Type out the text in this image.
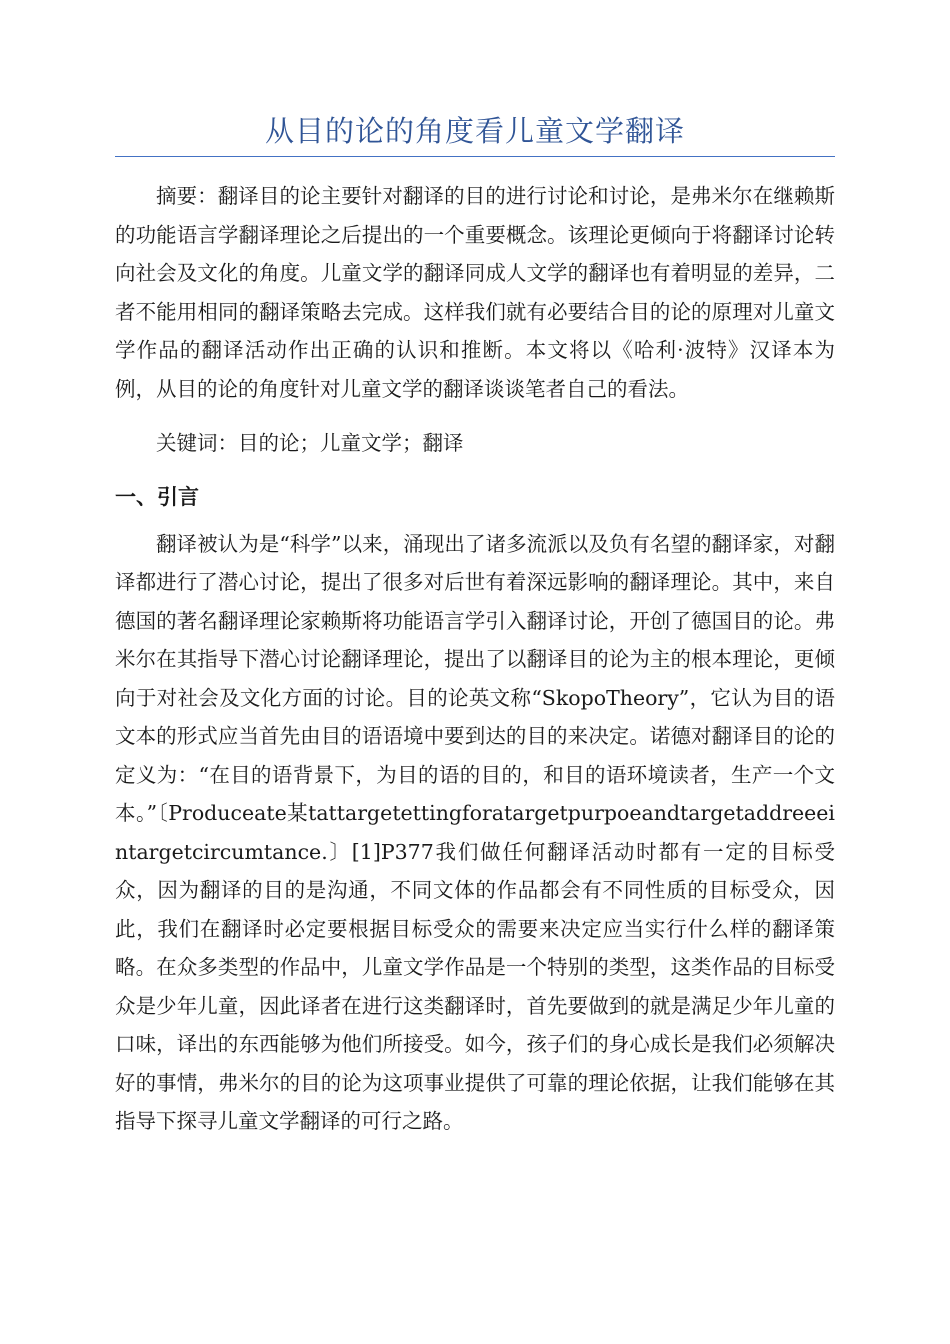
从目的论的角度看儿童文学翻译

摘要：翻译目的论主要针对翻译的目的进行讨论和讨论，是弗米尔在继赖斯的功能语言学翻译理论之后提出的一个重要概念。该理论更倾向于将翻译讨论转向社会及文化的角度。儿童文学的翻译同成人文学的翻译也有着明显的差异，二者不能用相同的翻译策略去完成。这样我们就有必要结合目的论的原理对儿童文学作品的翻译活动作出正确的认识和推断。本文将以《哈利·波特》汉译本为例，从目的论的角度针对儿童文学的翻译谈谈笔者自己的看法。

关键词：目的论；儿童文学；翻译

一、引言

翻译被认为是“科学”以来，涌现出了诸多流派以及负有名望的翻译家，对翻译都进行了潜心讨论，提出了很多对后世有着深远影响的翻译理论。其中，来自德国的著名翻译理论家赖斯将功能语言学引入翻译讨论，开创了德国目的论。弗米尔在其指导下潜心讨论翻译理论，提出了以翻译目的论为主的根本理论，更倾向于对社会及文化方面的讨论。目的论英文称“SkopoTheory”，它认为目的语文本的形式应当首先由目的语语境中要到达的目的来决定。诺德对翻译目的论的定义为：“在目的语背景下，为目的语的目的，和目的语环境读者，生产一个文本。”〔Produceate某tattargetettingforatargetpurpoeandtargetaddreeeintargetcircumtance.〕[1]P377我们做任何翻译活动时都有一定的目标受众，因为翻译的目的是沟通，不同文体的作品都会有不同性质的目标受众，因此，我们在翻译时必定要根据目标受众的需要来决定应当实行什么样的翻译策略。在众多类型的作品中，儿童文学作品是一个特别的类型，这类作品的目标受众是少年儿童，因此译者在进行这类翻译时，首先要做到的就是满足少年儿童的口味，译出的东西能够为他们所接受。如今，孩子们的身心成长是我们必须解决好的事情，弗米尔的目的论为这项事业提供了可靠的理论依据，让我们能够在其指导下探寻儿童文学翻译的可行之路。
